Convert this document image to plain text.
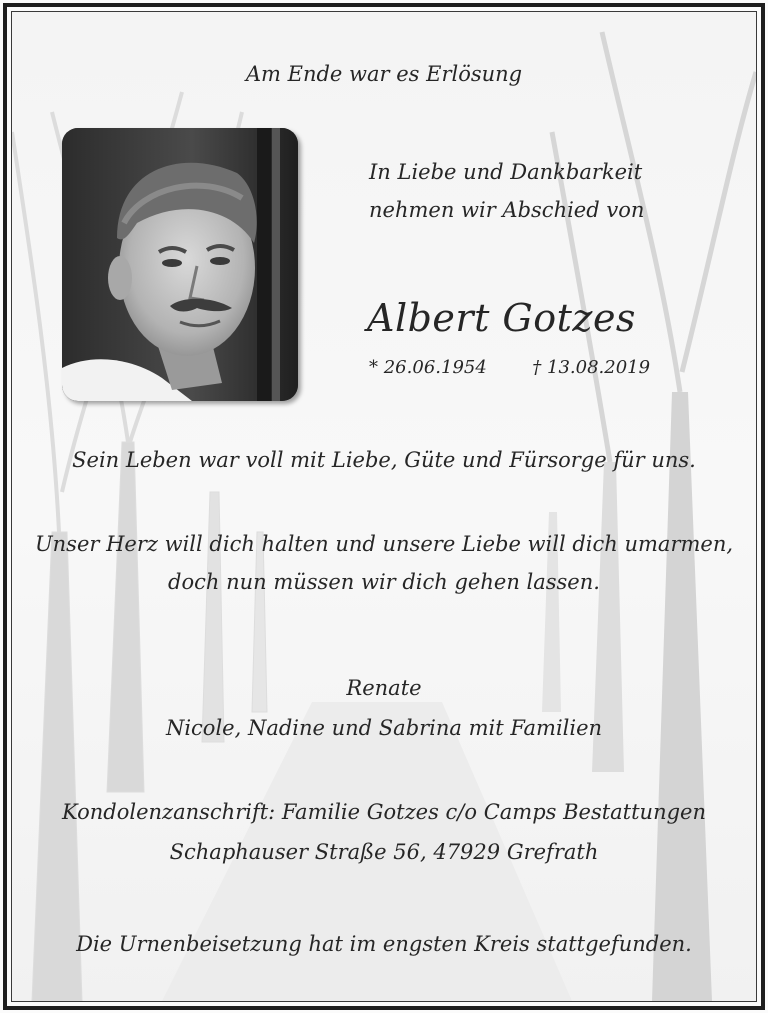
Am Ende war es Erlösung
In Liebe und Dankbarkeit
nehmen wir Abschied von
Albert Gotzes
* 26.06.1954	† 13.08.2019
Sein Leben war voll mit Liebe, Güte und Fürsorge für uns.
Unser Herz will dich halten und unsere Liebe will dich umarmen,
doch nun müssen wir dich gehen lassen.
Renate
Nicole, Nadine und Sabrina mit Familien
Kondolenzanschrift: Familie Gotzes c/o Camps Bestattungen
Schaphauser Straße 56, 47929 Grefrath
Die Urnenbeisetzung hat im engsten Kreis stattgefunden.
